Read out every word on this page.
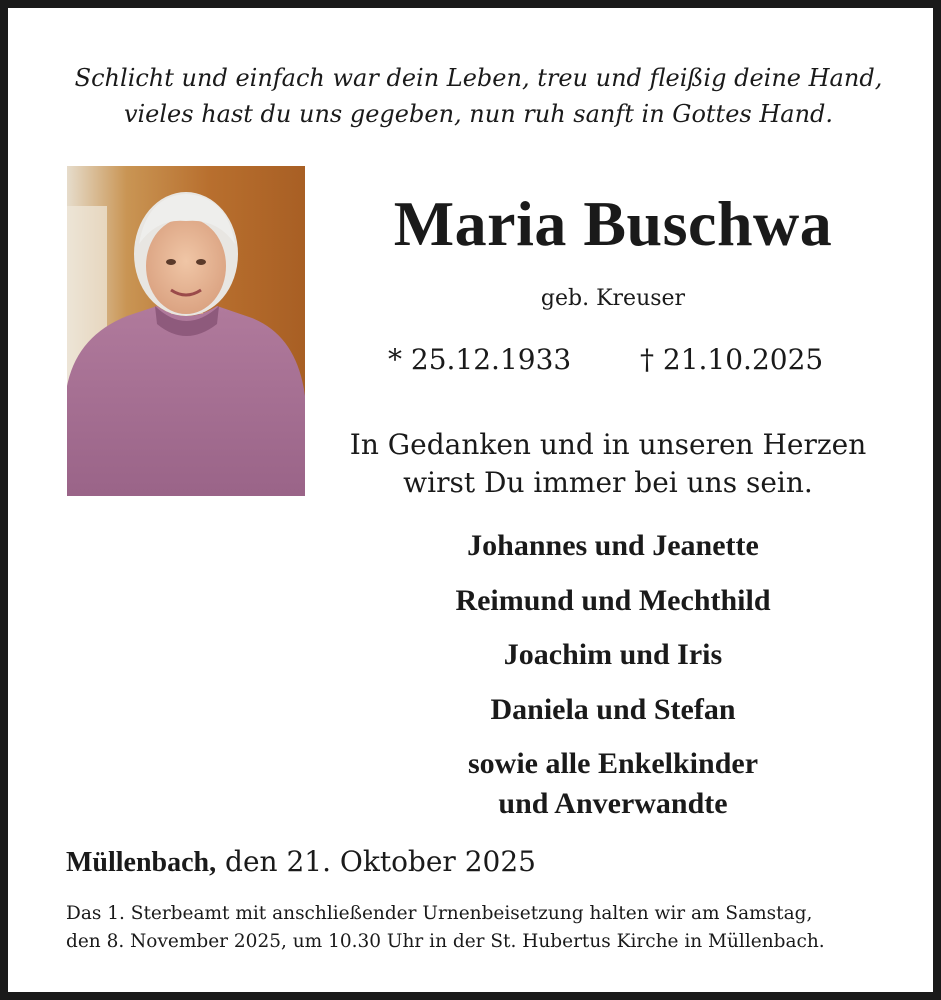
Schlicht und einfach war dein Leben, treu und fleißig deine Hand,
vieles hast du uns gegeben, nun ruh sanft in Gottes Hand.
Maria Buschwa
geb. Kreuser
* 25.12.1933 † 21.10.2025
In Gedanken und in unseren Herzen
wirst Du immer bei uns sein.
Johannes und Jeanette
Reimund und Mechthild
Joachim und Iris
Daniela und Stefan
sowie alle Enkelkinder
und Anverwandte
Müllenbach, den 21. Oktober 2025
Das 1. Sterbeamt mit anschließender Urnenbeisetzung halten wir am Samstag,
den 8. November 2025, um 10.30 Uhr in der St. Hubertus Kirche in Müllenbach.
